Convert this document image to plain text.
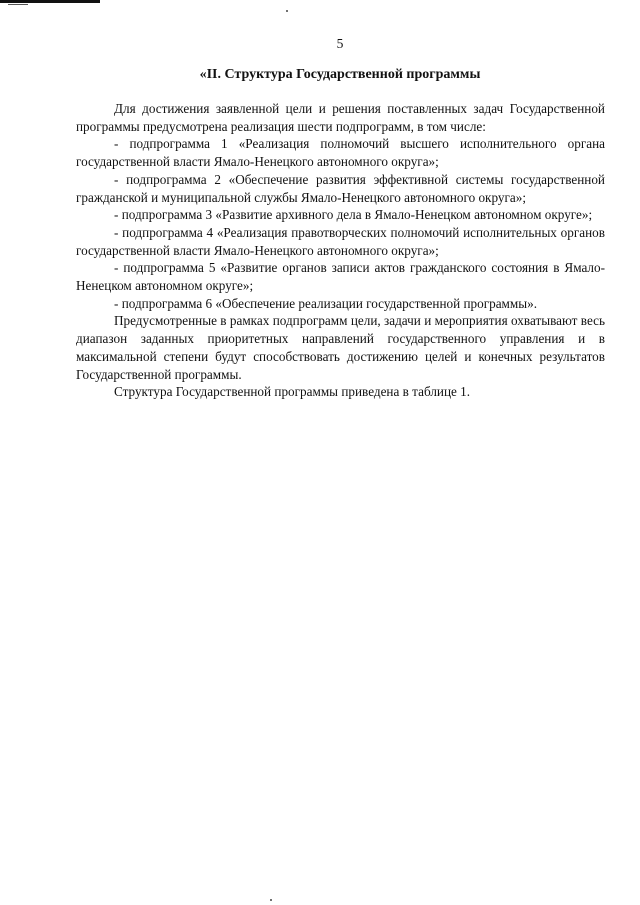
5
«II. Структура Государственной программы

Для достижения заявленной цели и решения поставленных задач Государственной программы предусмотрена реализация шести подпрограмм, в том числе:

- подпрограмма 1 «Реализация полномочий высшего исполнительного органа государственной власти Ямало-Ненецкого автономного округа»;

- подпрограмма 2 «Обеспечение развития эффективной системы государственной гражданской и муниципальной службы Ямало-Ненецкого автономного округа»;

- подпрограмма 3 «Развитие архивного дела в Ямало-Ненецком автономном округе»;

- подпрограмма 4 «Реализация правотворческих полномочий исполнительных органов государственной власти Ямало-Ненецкого автономного округа»;

- подпрограмма 5 «Развитие органов записи актов гражданского состояния в Ямало-Ненецком автономном округе»;

- подпрограмма 6 «Обеспечение реализации государственной программы».

Предусмотренные в рамках подпрограмм цели, задачи и мероприятия охватывают весь диапазон заданных приоритетных направлений государственного управления и в максимальной степени будут способствовать достижению целей и конечных результатов Государственной программы.

Структура Государственной программы приведена в таблице 1.
